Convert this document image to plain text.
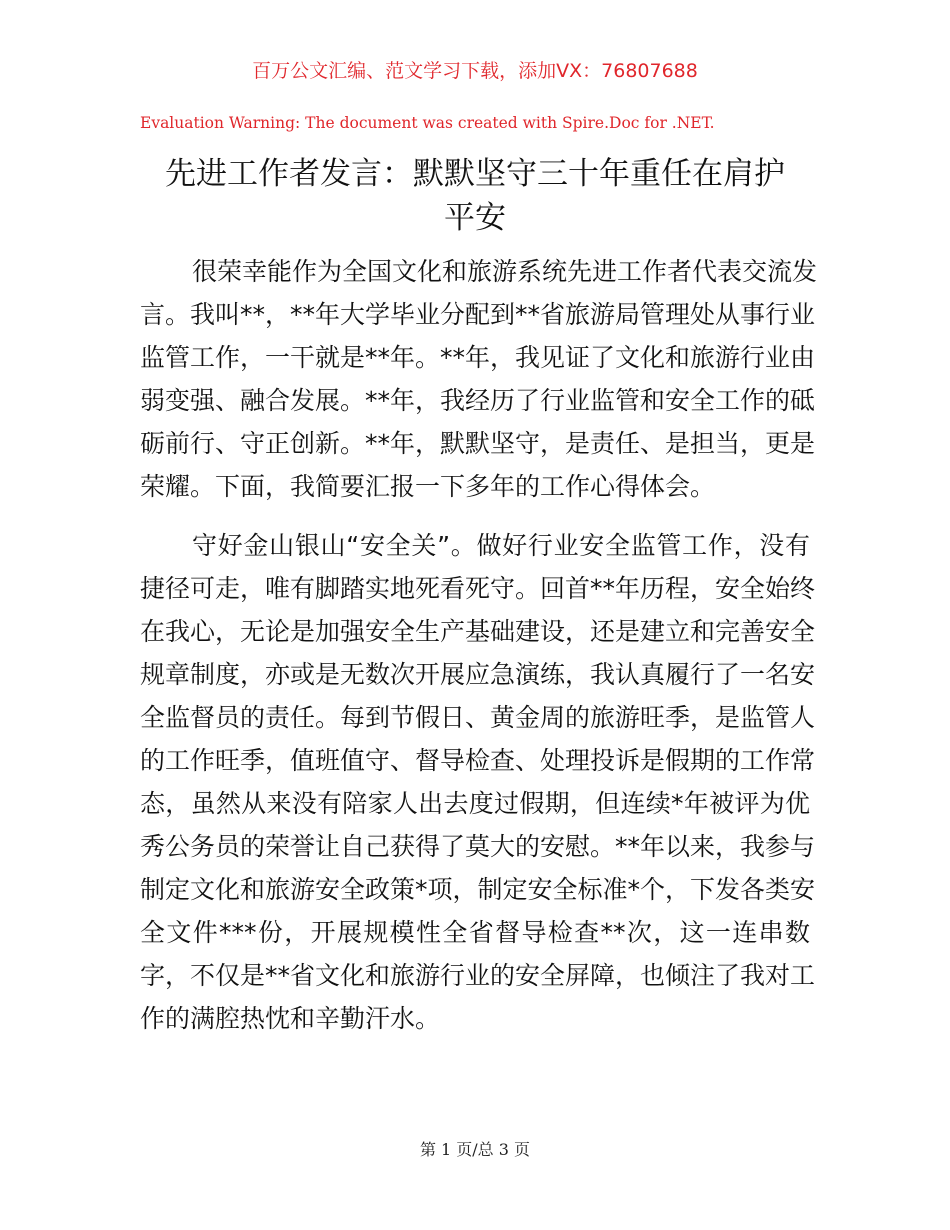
百万公文汇编、范文学习下载，添加VX：76807688
Evaluation Warning: The document was created with Spire.Doc for .NET.
先进工作者发言：默默坚守三十年重任在肩护
平安
很荣幸能作为全国文化和旅游系统先进工作者代表交流发
言。我叫**，**年大学毕业分配到**省旅游局管理处从事行业
监管工作，一干就是**年。**年，我见证了文化和旅游行业由
弱变强、融合发展。**年，我经历了行业监管和安全工作的砥
砺前行、守正创新。**年，默默坚守，是责任、是担当，更是
荣耀。下面，我简要汇报一下多年的工作心得体会。
守好金山银山“安全关”。做好行业安全监管工作，没有
捷径可走，唯有脚踏实地死看死守。回首**年历程，安全始终
在我心，无论是加强安全生产基础建设，还是建立和完善安全
规章制度，亦或是无数次开展应急演练，我认真履行了一名安
全监督员的责任。每到节假日、黄金周的旅游旺季，是监管人
的工作旺季，值班值守、督导检查、处理投诉是假期的工作常
态，虽然从来没有陪家人出去度过假期，但连续*年被评为优
秀公务员的荣誉让自己获得了莫大的安慰。**年以来，我参与
制定文化和旅游安全政策*项，制定安全标准*个，下发各类安
全文件***份，开展规模性全省督导检查**次，这一连串数
字，不仅是**省文化和旅游行业的安全屏障，也倾注了我对工
作的满腔热忱和辛勤汗水。
第 1 页/总 3 页
